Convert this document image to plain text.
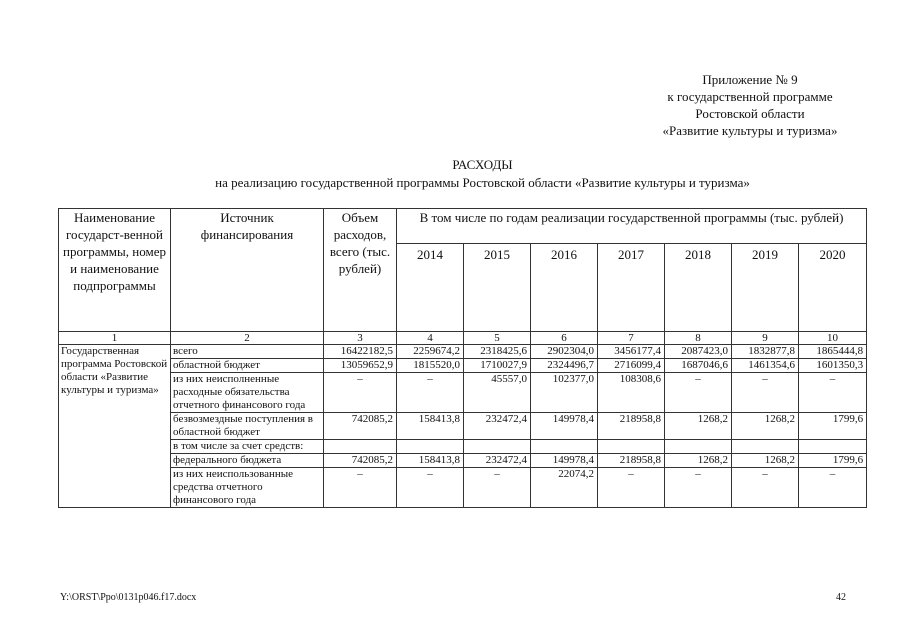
Приложение № 9
к государственной программе
Ростовской области
«Развитие культуры и туризма»
РАСХОДЫ
на реализацию государственной программы Ростовской области «Развитие культуры и туризма»
Наименование государст-венной программы, номер и наименование подпрограммы	Источник финансирования	Объем расходов, всего (тыс. рублей)	В том числе по годам реализации государственной программы (тыс. рублей)						
			2014	2015	2016	2017	2018	2019	2020
1	2	3	4	5	6	7	8	9	10
Государственная программа Ростовской области «Развитие культуры и туризма»	всего	16422182,5	2259674,2	2318425,6	2902304,0	3456177,4	2087423,0	1832877,8	1865444,8
	областной бюджет	13059652,9	1815520,0	1710027,9	2324496,7	2716099,4	1687046,6	1461354,6	1601350,3
	из них неисполненные расходные обязательства отчетного финансового года	–	–	45557,0	102377,0	108308,6	–	–	–
	безвозмездные поступления в областной бюджет	742085,2	158413,8	232472,4	149978,4	218958,8	1268,2	1268,2	1799,6
	в том числе за счет средств:								
	федерального бюджета	742085,2	158413,8	232472,4	149978,4	218958,8	1268,2	1268,2	1799,6
	из них неиспользованные средства отчетного финансового года	–	–	–	22074,2	–	–	–	–
Y:\ORST\Ppo\0131p046.f17.docx	42
